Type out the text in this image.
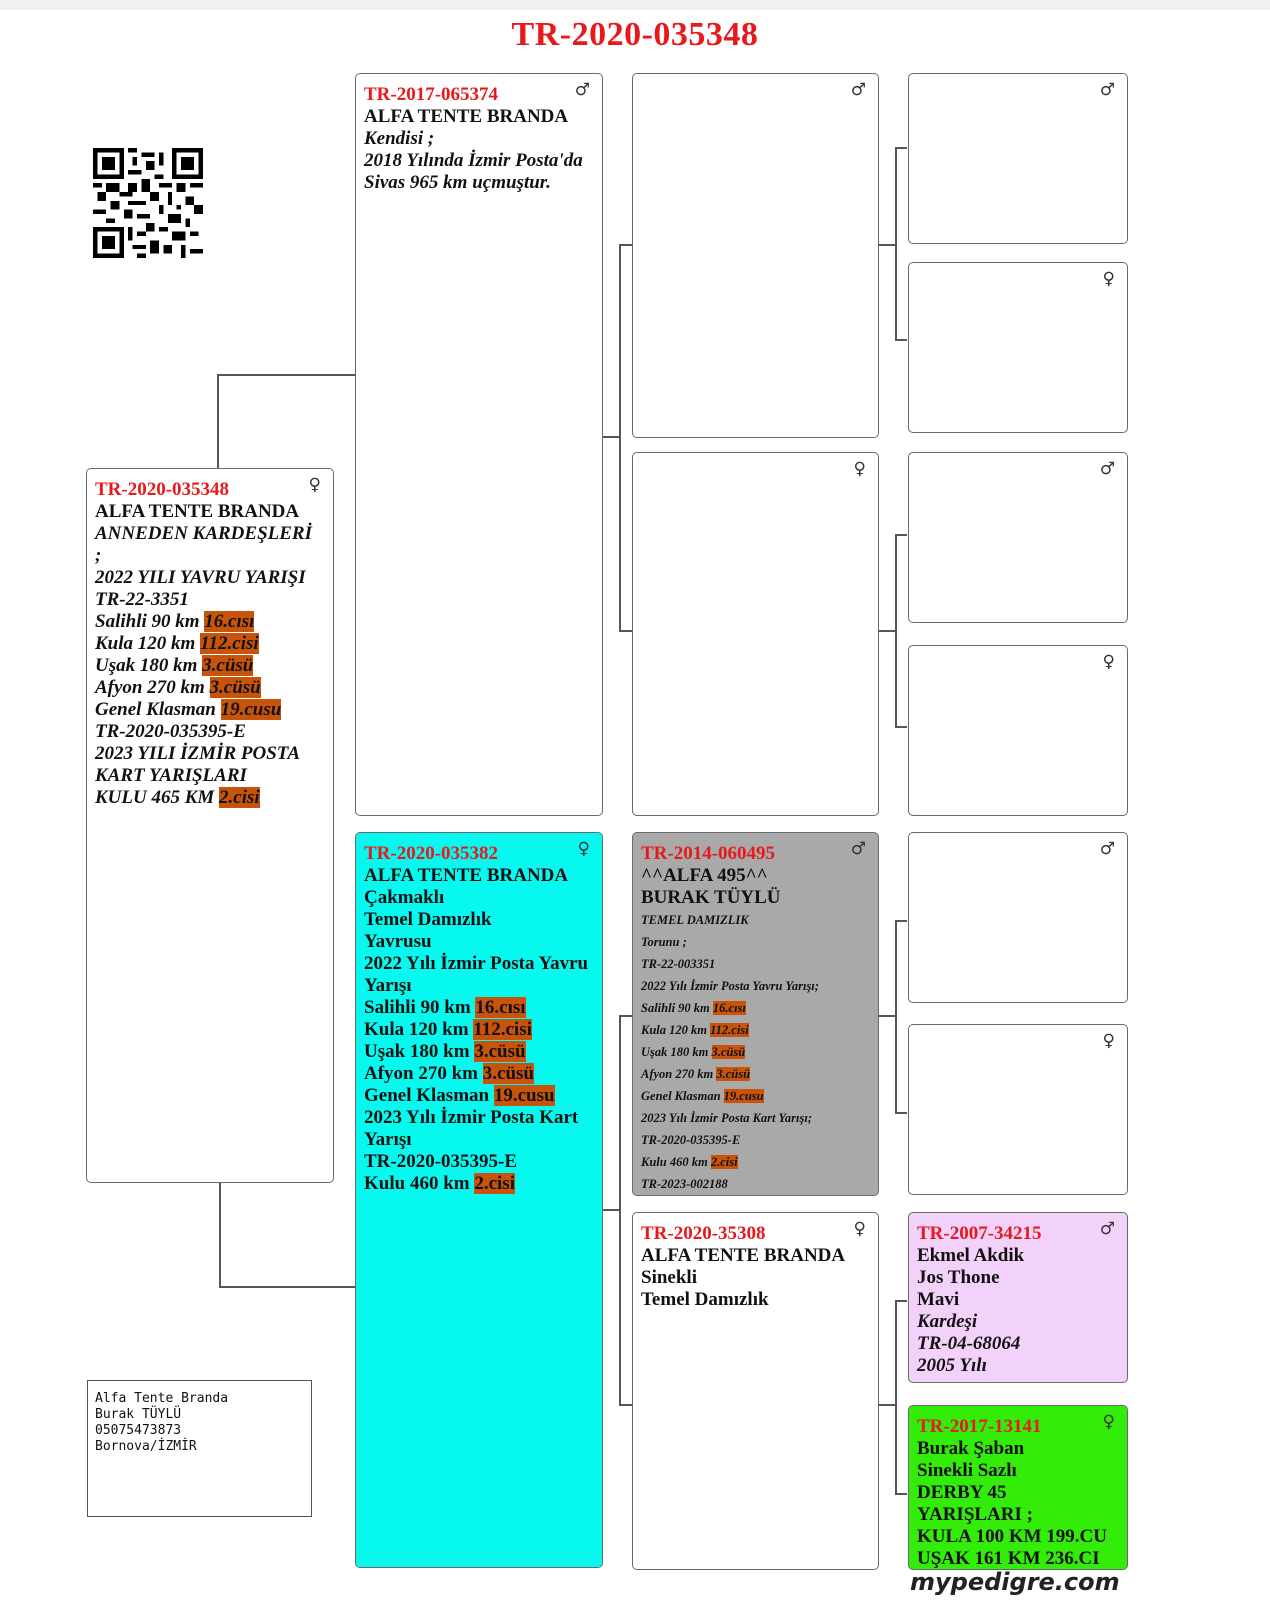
TR-2020-035348
♀
TR-2020-035348
ALFA TENTE BRANDA
ANNEDEN KARDEŞLERİ
;
2022 YILI YAVRU YARIŞI
TR-22-3351
Salihli 90 km 16.cısı
Kula 120 km 112.cisi
Uşak 180 km 3.cüsü
Afyon 270 km 3.cüsü
Genel Klasman 19.cusu
TR-2020-035395-E
2023 YILI İZMİR POSTA
KART YARIŞLARI
KULU 465 KM 2.cisi
♂
TR-2017-065374
ALFA TENTE BRANDA
Kendisi ;
2018 Yılında İzmir Posta'da
Sivas 965 km uçmuştur.
♀
TR-2020-035382
ALFA TENTE BRANDA
Çakmaklı
Temel Damızlık
Yavrusu
2022 Yılı İzmir Posta Yavru
Yarışı
Salihli 90 km 16.cısı
Kula 120 km 112.cisi
Uşak 180 km 3.cüsü
Afyon 270 km 3.cüsü
Genel Klasman 19.cusu
2023 Yılı İzmir Posta Kart
Yarışı
TR-2020-035395-E
Kulu 460 km 2.cisi
♂
♀
♂
TR-2014-060495
^^ALFA 495^^
BURAK TÜYLÜ
TEMEL DAMIZLIK
Torunu ;
TR-22-003351
2022 Yılı İzmir Posta Yavru Yarışı;
Salihli 90 km 16.cısı
Kula 120 km 112.cisi
Uşak 180 km 3.cüsü
Afyon 270 km 3.cüsü
Genel Klasman 19.cusu
2023 Yılı İzmir Posta Kart Yarışı;
TR-2020-035395-E
Kulu 460 km 2.cisi
TR-2023-002188
♀
TR-2020-35308
ALFA TENTE BRANDA
Sinekli
Temel Damızlık
♂
♀
♂
♀
♂
♀
♂
TR-2007-34215
Ekmel Akdik
Jos Thone
Mavi
Kardeşi
TR-04-68064
2005 Yılı
♀
TR-2017-13141
Burak Şaban
Sinekli Sazlı
DERBY 45
YARIŞLARI ;
KULA 100 KM 199.CU
UŞAK 161 KM 236.CI
Alfa Tente Branda
Burak TÜYLÜ
05075473873
Bornova/İZMİR
mypedigre.com
